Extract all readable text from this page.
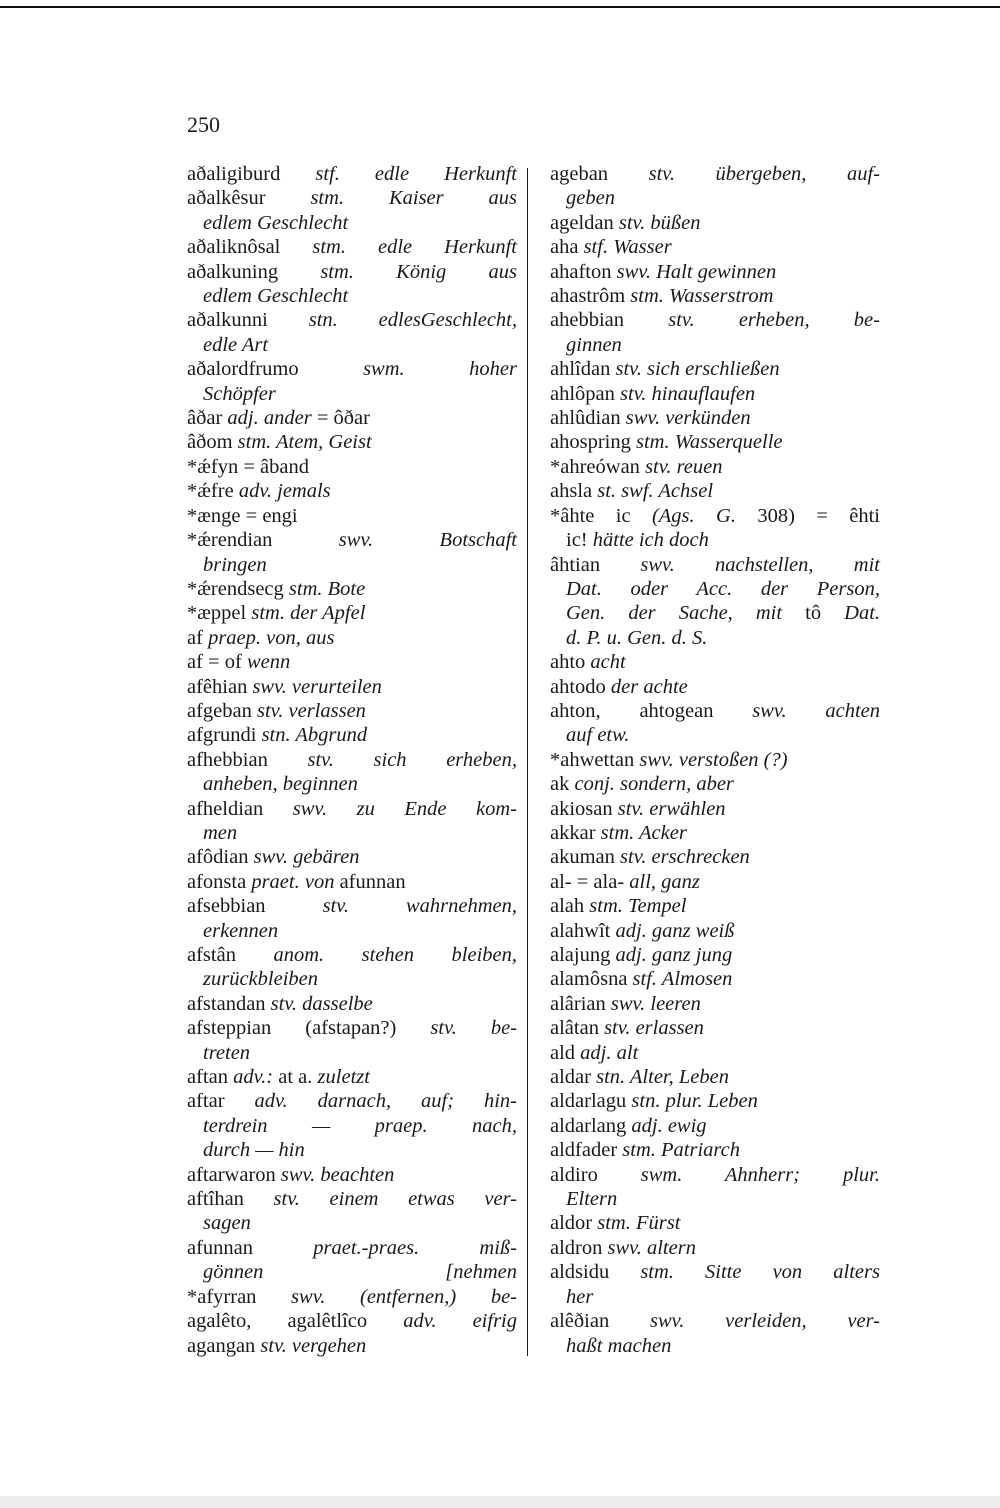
250
aðaligiburd stf. edle Herkunft
aðalkêsur stm. Kaiser aus
edlem Geschlecht
aðaliknôsal stm. edle Herkunft
aðalkuning stm. König aus
edlem Geschlecht
aðalkunni stn. edlesGeschlecht,
edle Art
aðalordfrumo swm. hoher
Schöpfer
âðar adj. ander = ôðar
âðom stm. Atem, Geist
*ǽfyn = âband
*ǽfre adv. jemals
*ænge = engi
*ǽrendian swv. Botschaft
bringen
*ǽrendsecg stm. Bote
*æppel stm. der Apfel
af praep. von, aus
af = of wenn
afêhian swv. verurteilen
afgeban stv. verlassen
afgrundi stn. Abgrund
afhebbian stv. sich erheben,
anheben, beginnen
afheldian swv. zu Ende kom-
men
afôdian swv. gebären
afonsta praet. von afunnan
afsebbian stv. wahrnehmen,
erkennen
afstân anom. stehen bleiben,
zurückbleiben
afstandan stv. dasselbe
afsteppian (afstapan?) stv. be-
treten
aftan adv.: at a. zuletzt
aftar adv. darnach, auf; hin-
terdrein — praep. nach,
durch — hin
aftarwaron swv. beachten
aftîhan stv. einem etwas ver-
sagen
afunnan praet.-praes. miß-
gönnen [nehmen
*afyrran swv. (entfernen,) be-
agalêto, agalêtlîco adv. eifrig
agangan stv. vergehen
ageban stv. übergeben, auf-
geben
ageldan stv. büßen
aha stf. Wasser
ahafton swv. Halt gewinnen
ahastrôm stm. Wasserstrom
ahebbian stv. erheben, be-
ginnen
ahlîdan stv. sich erschließen
ahlôpan stv. hinauflaufen
ahlûdian swv. verkünden
ahospring stm. Wasserquelle
*ahreówan stv. reuen
ahsla st. swf. Achsel
*âhte ic (Ags. G. 308) = êhti
ic! hätte ich doch
âhtian swv. nachstellen, mit
Dat. oder Acc. der Person,
Gen. der Sache, mit tô Dat.
d. P. u. Gen. d. S.
ahto acht
ahtodo der achte
ahton, ahtogean swv. achten
auf etw.
*ahwettan swv. verstoßen (?)
ak conj. sondern, aber
akiosan stv. erwählen
akkar stm. Acker
akuman stv. erschrecken
al- = ala- all, ganz
alah stm. Tempel
alahwît adj. ganz weiß
alajung adj. ganz jung
alamôsna stf. Almosen
alârian swv. leeren
alâtan stv. erlassen
ald adj. alt
aldar stn. Alter, Leben
aldarlagu stn. plur. Leben
aldarlang adj. ewig
aldfader stm. Patriarch
aldiro swm. Ahnherr; plur.
Eltern
aldor stm. Fürst
aldron swv. altern
aldsidu stm. Sitte von alters
her
alêðian swv. verleiden, ver-
haßt machen
